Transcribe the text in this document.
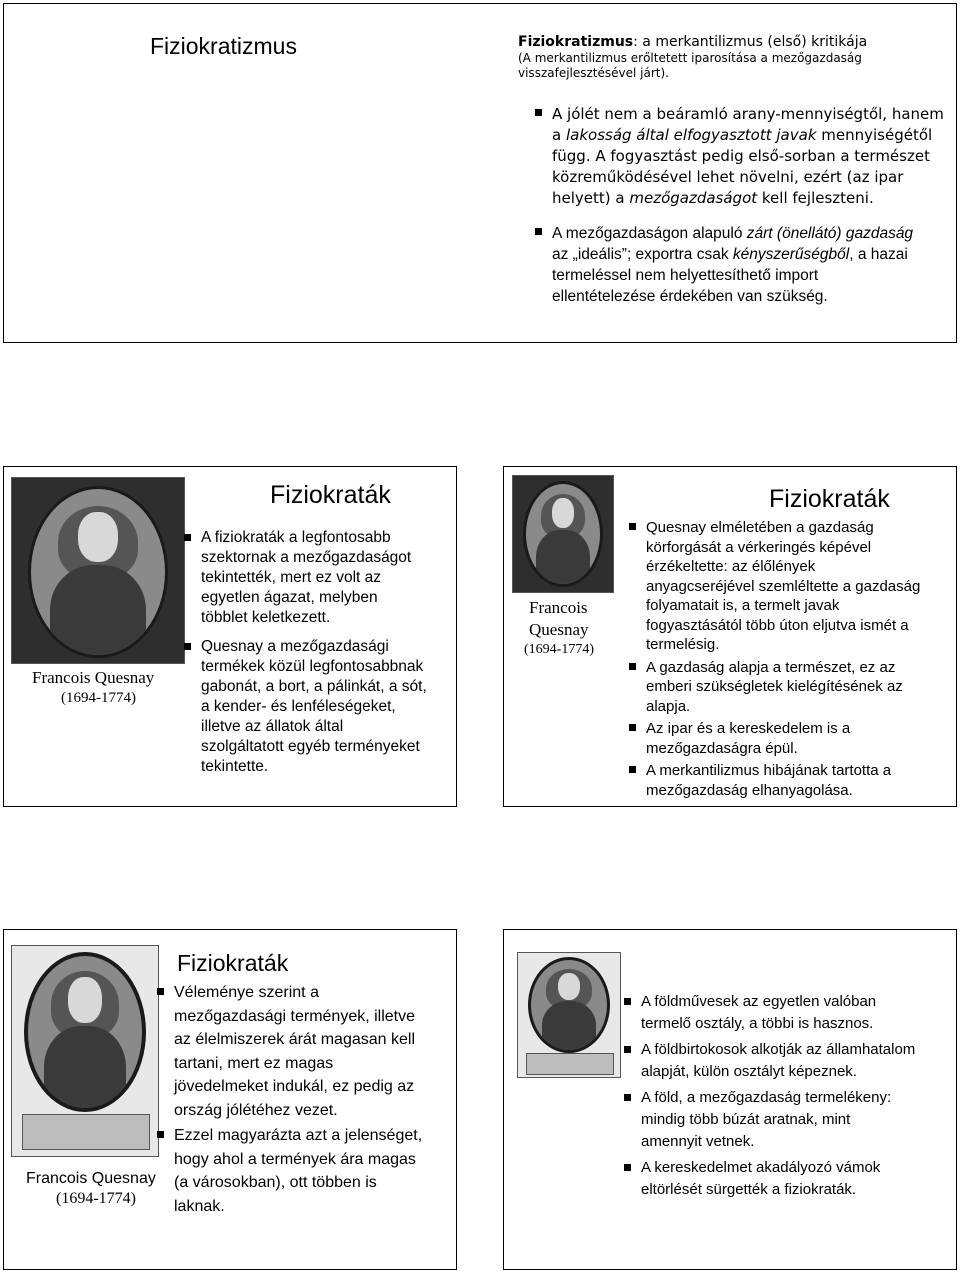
Fiziokratizmus	Fiziokratizmus: a merkantilizmus (első) kritikája
(A merkantilizmus erőltetett iparosítása a mezőgazdaság
visszafejlesztésével járt).
A jólét nem a beáramló arany-mennyiségtől, hanem
a lakosság által elfogyasztott javak mennyiségétől
függ. A fogyasztást pedig első-sorban a természet
közreműködésével lehet növelni, ezért (az ipar
helyett) a mezőgazdaságot kell fejleszteni.
A mezőgazdaságon alapuló zárt (önellátó) gazdaság
az „ideális”; exportra csak kényszerűségből, a hazai
termeléssel nem helyettesíthető import
ellentételezése érdekében van szükség.
Francois Quesnay
(1694-1774)
Fiziokraták
A fiziokraták a legfontosabb
szektornak a mezőgazdaságot
tekintették, mert ez volt az
egyetlen ágazat, melyben
többlet keletkezett.
Quesnay a mezőgazdasági
termékek közül legfontosabbnak
gabonát, a bort, a pálinkát, a sót,
a kender- és lenféleségeket,
illetve az állatok által
szolgáltatott egyéb terményeket
tekintette.
Francois
Quesnay
(1694-1774)
Fiziokraták
Quesnay elméletében a gazdaság
körforgását a vérkeringés képével
érzékeltette: az élőlények
anyagcseréjével szemléltette a gazdaság
folyamatait is, a termelt javak
fogyasztásától több úton eljutva ismét a
termelésig.
A gazdaság alapja a természet, ez az
emberi szükségletek kielégítésének az
alapja.
Az ipar és a kereskedelem is a
mezőgazdaságra épül.
A merkantilizmus hibájának tartotta a
mezőgazdaság elhanyagolása.
Francois Quesnay
(1694-1774)
Fiziokraták
Véleménye szerint a
mezőgazdasági termények, illetve
az élelmiszerek árát magasan kell
tartani, mert ez magas
jövedelmeket indukál, ez pedig az
ország jólétéhez vezet.
Ezzel magyarázta azt a jelenséget,
hogy ahol a termények ára magas
(a városokban), ott többen is
laknak.
A földművesek az egyetlen valóban
termelő osztály, a többi is hasznos.
A földbirtokosok alkotják az államhatalom
alapját, külön osztályt képeznek.
A föld, a mezőgazdaság termelékeny:
mindig több búzát aratnak, mint
amennyit vetnek.
A kereskedelmet akadályozó vámok
eltörlését sürgették a fiziokraták.
